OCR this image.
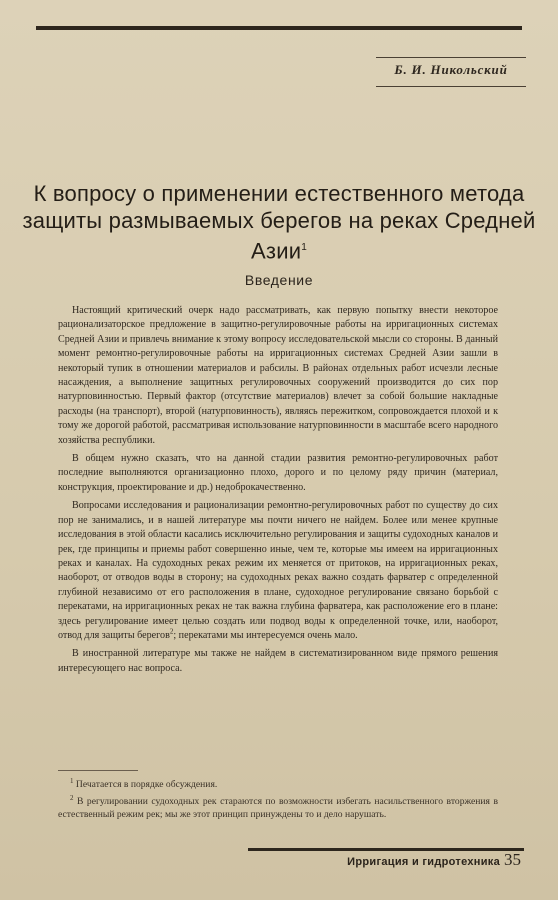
Б. И. Никольский
К вопросу о применении естественного метода защиты размываемых берегов на реках Средней Азии$^1$
Введение

Настоящий критический очерк надо рассматривать, как первую попытку внести некоторое рационализаторское предложение в защитно-регулировочные работы на ирригационных системах Средней Азии и привлечь внимание к этому вопросу исследовательской мысли со стороны. В данный момент ремонтно-регулировочные работы на ирригационных системах Средней Азии зашли в некоторый тупик в отношении материалов и рабсилы. В районах отдельных работ исчезли лесные насаждения, а выполнение защитных регулировочных сооружений производится до сих пор натурповинностью. Первый фактор (отсутствие материалов) влечет за собой большие накладные расходы (на транспорт), второй (натурповинность), являясь пережитком, сопровождается плохой и к тому же дорогой работой, рассматривая использование натурповинности в масштабе всего народного хозяйства республики.

В общем нужно сказать, что на данной стадии развития ремонтно-регулировочных работ последние выполняются организационно плохо, дорого и по целому ряду причин (материал, конструкция, проектирование и др.) недоброкачественно.

Вопросами исследования и рационализации ремонтно-регулировочных работ по существу до сих пор не занимались, и в нашей литературе мы почти ничего не найдем. Более или менее крупные исследования в этой области касались исключительно регулирования и защиты судоходных каналов и рек, где принципы и приемы работ совершенно иные, чем те, которые мы имеем на ирригационных реках и каналах. На судоходных реках режим их меняется от притоков, на ирригационных реках, наоборот, от отводов воды в сторону; на судоходных реках важно создать фарватер с определенной глубиной независимо от его расположения в плане, судоходное регулирование связано борьбой с перекатами, на ирригационных реках не так важна глубина фарватера, как расположение его в плане: здесь регулирование имеет целью создать или подвод воды к определенной точке, или, наоборот, отвод для защиты берегов$^2$; перекатами мы интересуемся очень мало.

В иностранной литературе мы также не найдем в систематизированном виде прямого решения интересующего нас вопроса.

$^1$ Печатается в порядке обсуждения.

$^2$ В регулировании судоходных рек стараются по возможности избегать насильственного вторжения в естественный режим рек; мы же этот принцип принуждены то и дело нарушать.

Ирригация и гидротехника 35
